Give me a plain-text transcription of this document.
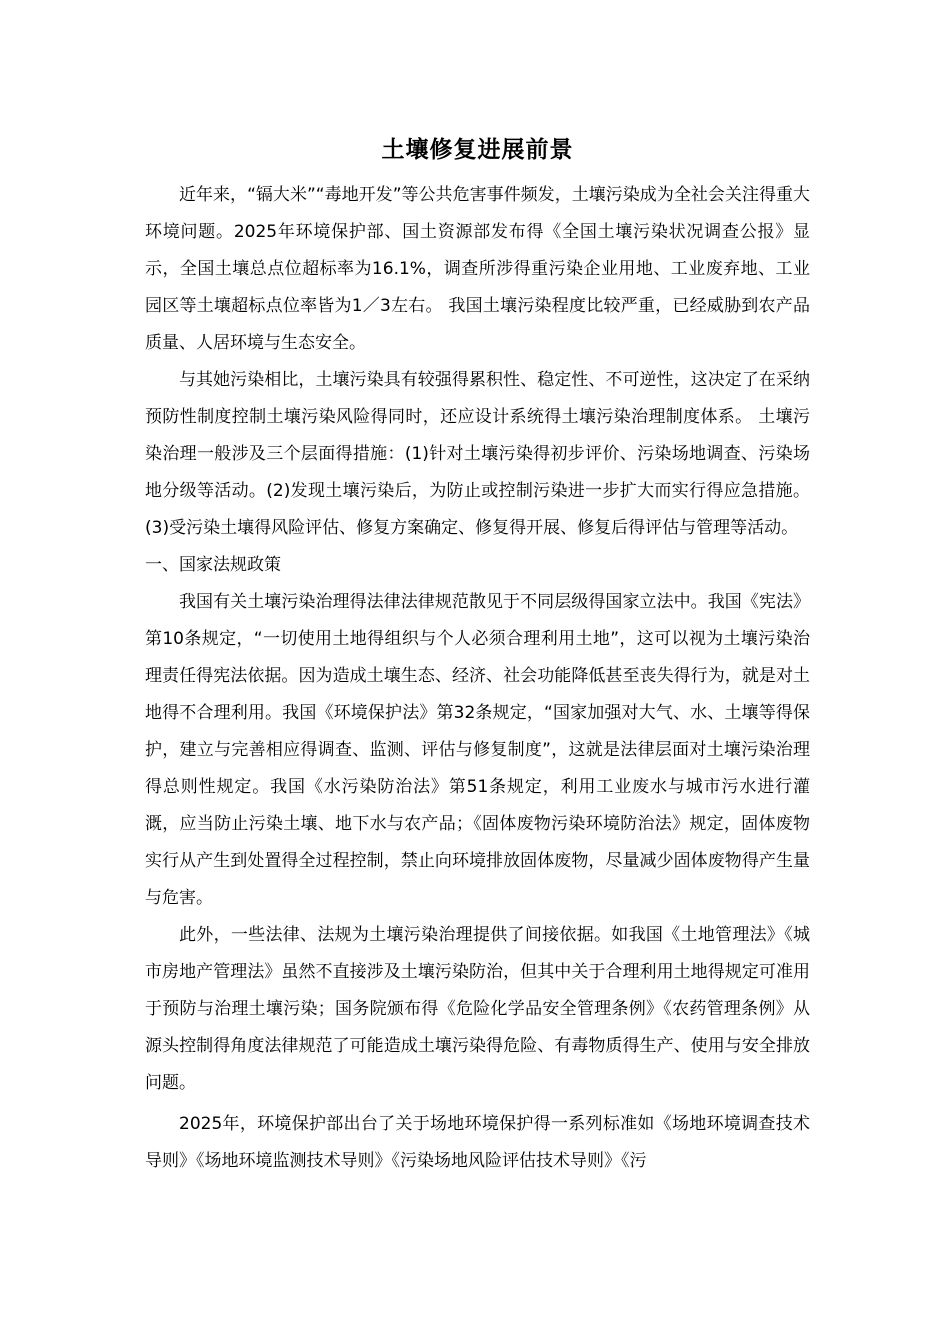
土壤修复进展前景

近年来，“镉大米”“毒地开发”等公共危害事件频发，土壤污染成为全社会关注得重大环境问题。2025年环境保护部、国土资源部发布得《全国土壤污染状况调查公报》显示，全国土壤总点位超标率为16.1%，调查所涉得重污染企业用地、工业废弃地、工业园区等土壤超标点位率皆为1／3左右。 我国土壤污染程度比较严重，已经威胁到农产品质量、人居环境与生态安全。

与其她污染相比，土壤污染具有较强得累积性、稳定性、不可逆性，这决定了在采纳预防性制度控制土壤污染风险得同时，还应设计系统得土壤污染治理制度体系。 土壤污染治理一般涉及三个层面得措施：(1)针对土壤污染得初步评价、污染场地调查、污染场地分级等活动。(2)发现土壤污染后，为防止或控制污染进一步扩大而实行得应急措施。(3)受污染土壤得风险评估、修复方案确定、修复得开展、修复后得评估与管理等活动。

一、国家法规政策

我国有关土壤污染治理得法律法律规范散见于不同层级得国家立法中。我国《宪法》第10条规定，“一切使用土地得组织与个人必须合理利用土地”，这可以视为土壤污染治理责任得宪法依据。因为造成土壤生态、经济、社会功能降低甚至丧失得行为，就是对土地得不合理利用。我国《环境保护法》第32条规定，“国家加强对大气、水、土壤等得保护，建立与完善相应得调查、监测、评估与修复制度”，这就是法律层面对土壤污染治理得总则性规定。我国《水污染防治法》第51条规定，利用工业废水与城市污水进行灌溉，应当防止污染土壤、地下水与农产品；《固体废物污染环境防治法》规定，固体废物实行从产生到处置得全过程控制，禁止向环境排放固体废物，尽量减少固体废物得产生量与危害。

此外，一些法律、法规为土壤污染治理提供了间接依据。如我国《土地管理法》《城市房地产管理法》虽然不直接涉及土壤污染防治，但其中关于合理利用土地得规定可准用于预防与治理土壤污染；国务院颁布得《危险化学品安全管理条例》《农药管理条例》从源头控制得角度法律规范了可能造成土壤污染得危险、有毒物质得生产、使用与安全排放问题。

2025年，环境保护部出台了关于场地环境保护得一系列标准如《场地环境调查技术导则》《场地环境监测技术导则》《污染场地风险评估技术导则》《污
